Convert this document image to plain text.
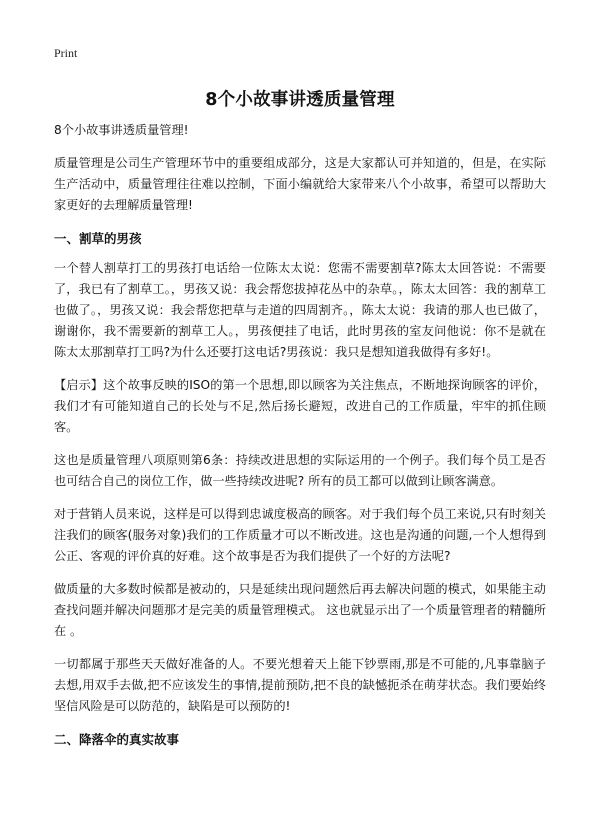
Print
8个小故事讲透质量管理

8个小故事讲透质量管理!

质量管理是公司生产管理环节中的重要组成部分，这是大家都认可并知道的，但是，在实际生产活动中，质量管理往往难以控制，下面小编就给大家带来八个小故事，希望可以帮助大家更好的去理解质量管理!

一、割草的男孩

一个替人割草打工的男孩打电话给一位陈太太说：您需不需要割草?陈太太回答说：不需要了，我已有了割草工。，男孩又说：我会帮您拔掉花丛中的杂草。，陈太太回答：我的割草工也做了。，男孩又说：我会帮您把草与走道的四周割齐。，陈太太说：我请的那人也已做了，谢谢你，我不需要新的割草工人。，男孩便挂了电话，此时男孩的室友问他说：你不是就在陈太太那割草打工吗?为什么还要打这电话?男孩说：我只是想知道我做得有多好!。

【启示】这个故事反映的ISO的第一个思想,即以顾客为关注焦点，不断地探询顾客的评价，我们才有可能知道自己的长处与不足,然后扬长避短，改进自己的工作质量，牢牢的抓住顾客。

这也是质量管理八项原则第6条：持续改进思想的实际运用的一个例子。我们每个员工是否也可结合自己的岗位工作，做一些持续改进呢? 所有的员工都可以做到让顾客满意。

对于营销人员来说，这样是可以得到忠诚度极高的顾客。对于我们每个员工来说,只有时刻关注我们的顾客(服务对象)我们的工作质量才可以不断改进。这也是沟通的问题,一个人想得到公正、客观的评价真的好难。这个故事是否为我们提供了一个好的方法呢?

做质量的大多数时候都是被动的，只是延续出现问题然后再去解决问题的模式，如果能主动查找问题并解决问题那才是完美的质量管理模式。 这也就显示出了一个质量管理者的精髓所在 。

一切都属于那些天天做好准备的人。不要光想着天上能下钞票雨,那是不可能的,凡事靠脑子去想,用双手去做,把不应该发生的事情,提前预防,把不良的缺憾扼杀在萌芽状态。我们要始终坚信风险是可以防范的，缺陷是可以预防的!

二、降落伞的真实故事
